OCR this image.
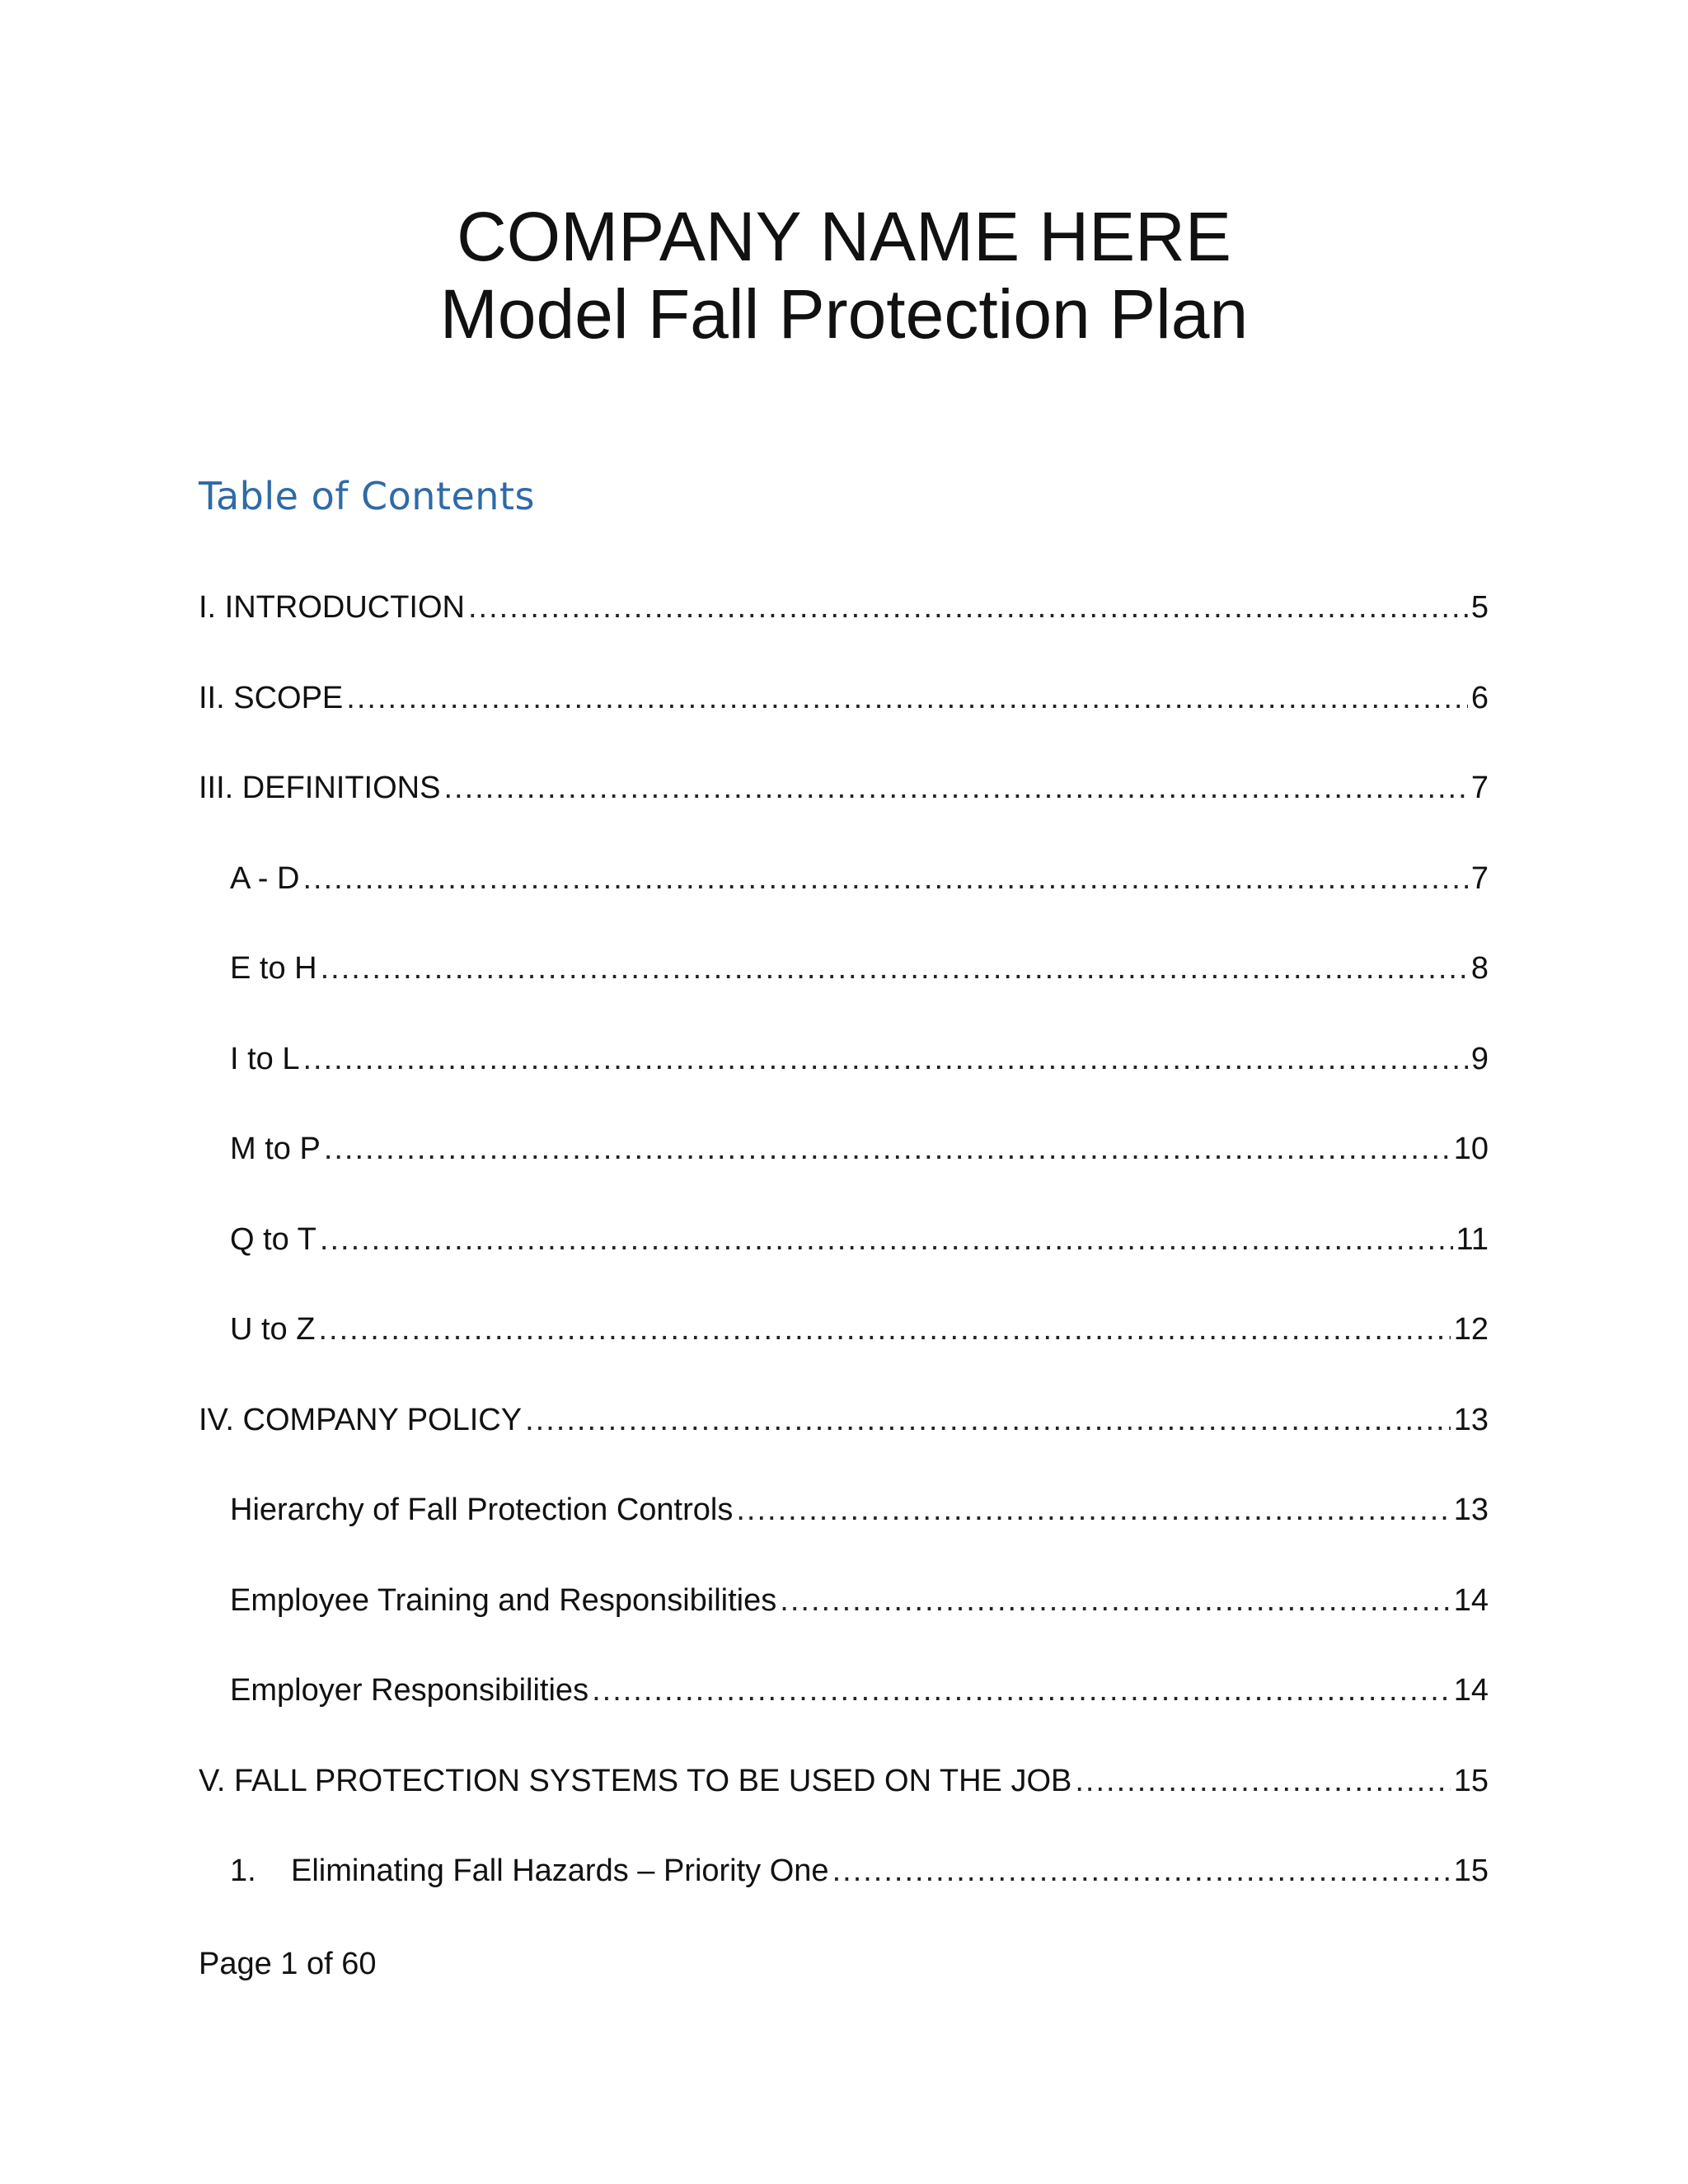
COMPANY NAME HERE
Model Fall Protection Plan
Table of Contents
I. INTRODUCTION .....	5
II. SCOPE .....	6
III. DEFINITIONS .....	7
A - D .....	7
E to H .....	8
I to L .....	9
M to P .....	10
Q to T .....	11
U to Z .....	12
IV. COMPANY POLICY .....	13
Hierarchy of Fall Protection Controls .....	13
Employee Training and Responsibilities .....	14
Employer Responsibilities .....	14
V. FALL PROTECTION SYSTEMS TO BE USED ON THE JOB .....	15
1. Eliminating Fall Hazards – Priority One .....	15

Page 1 of 60
